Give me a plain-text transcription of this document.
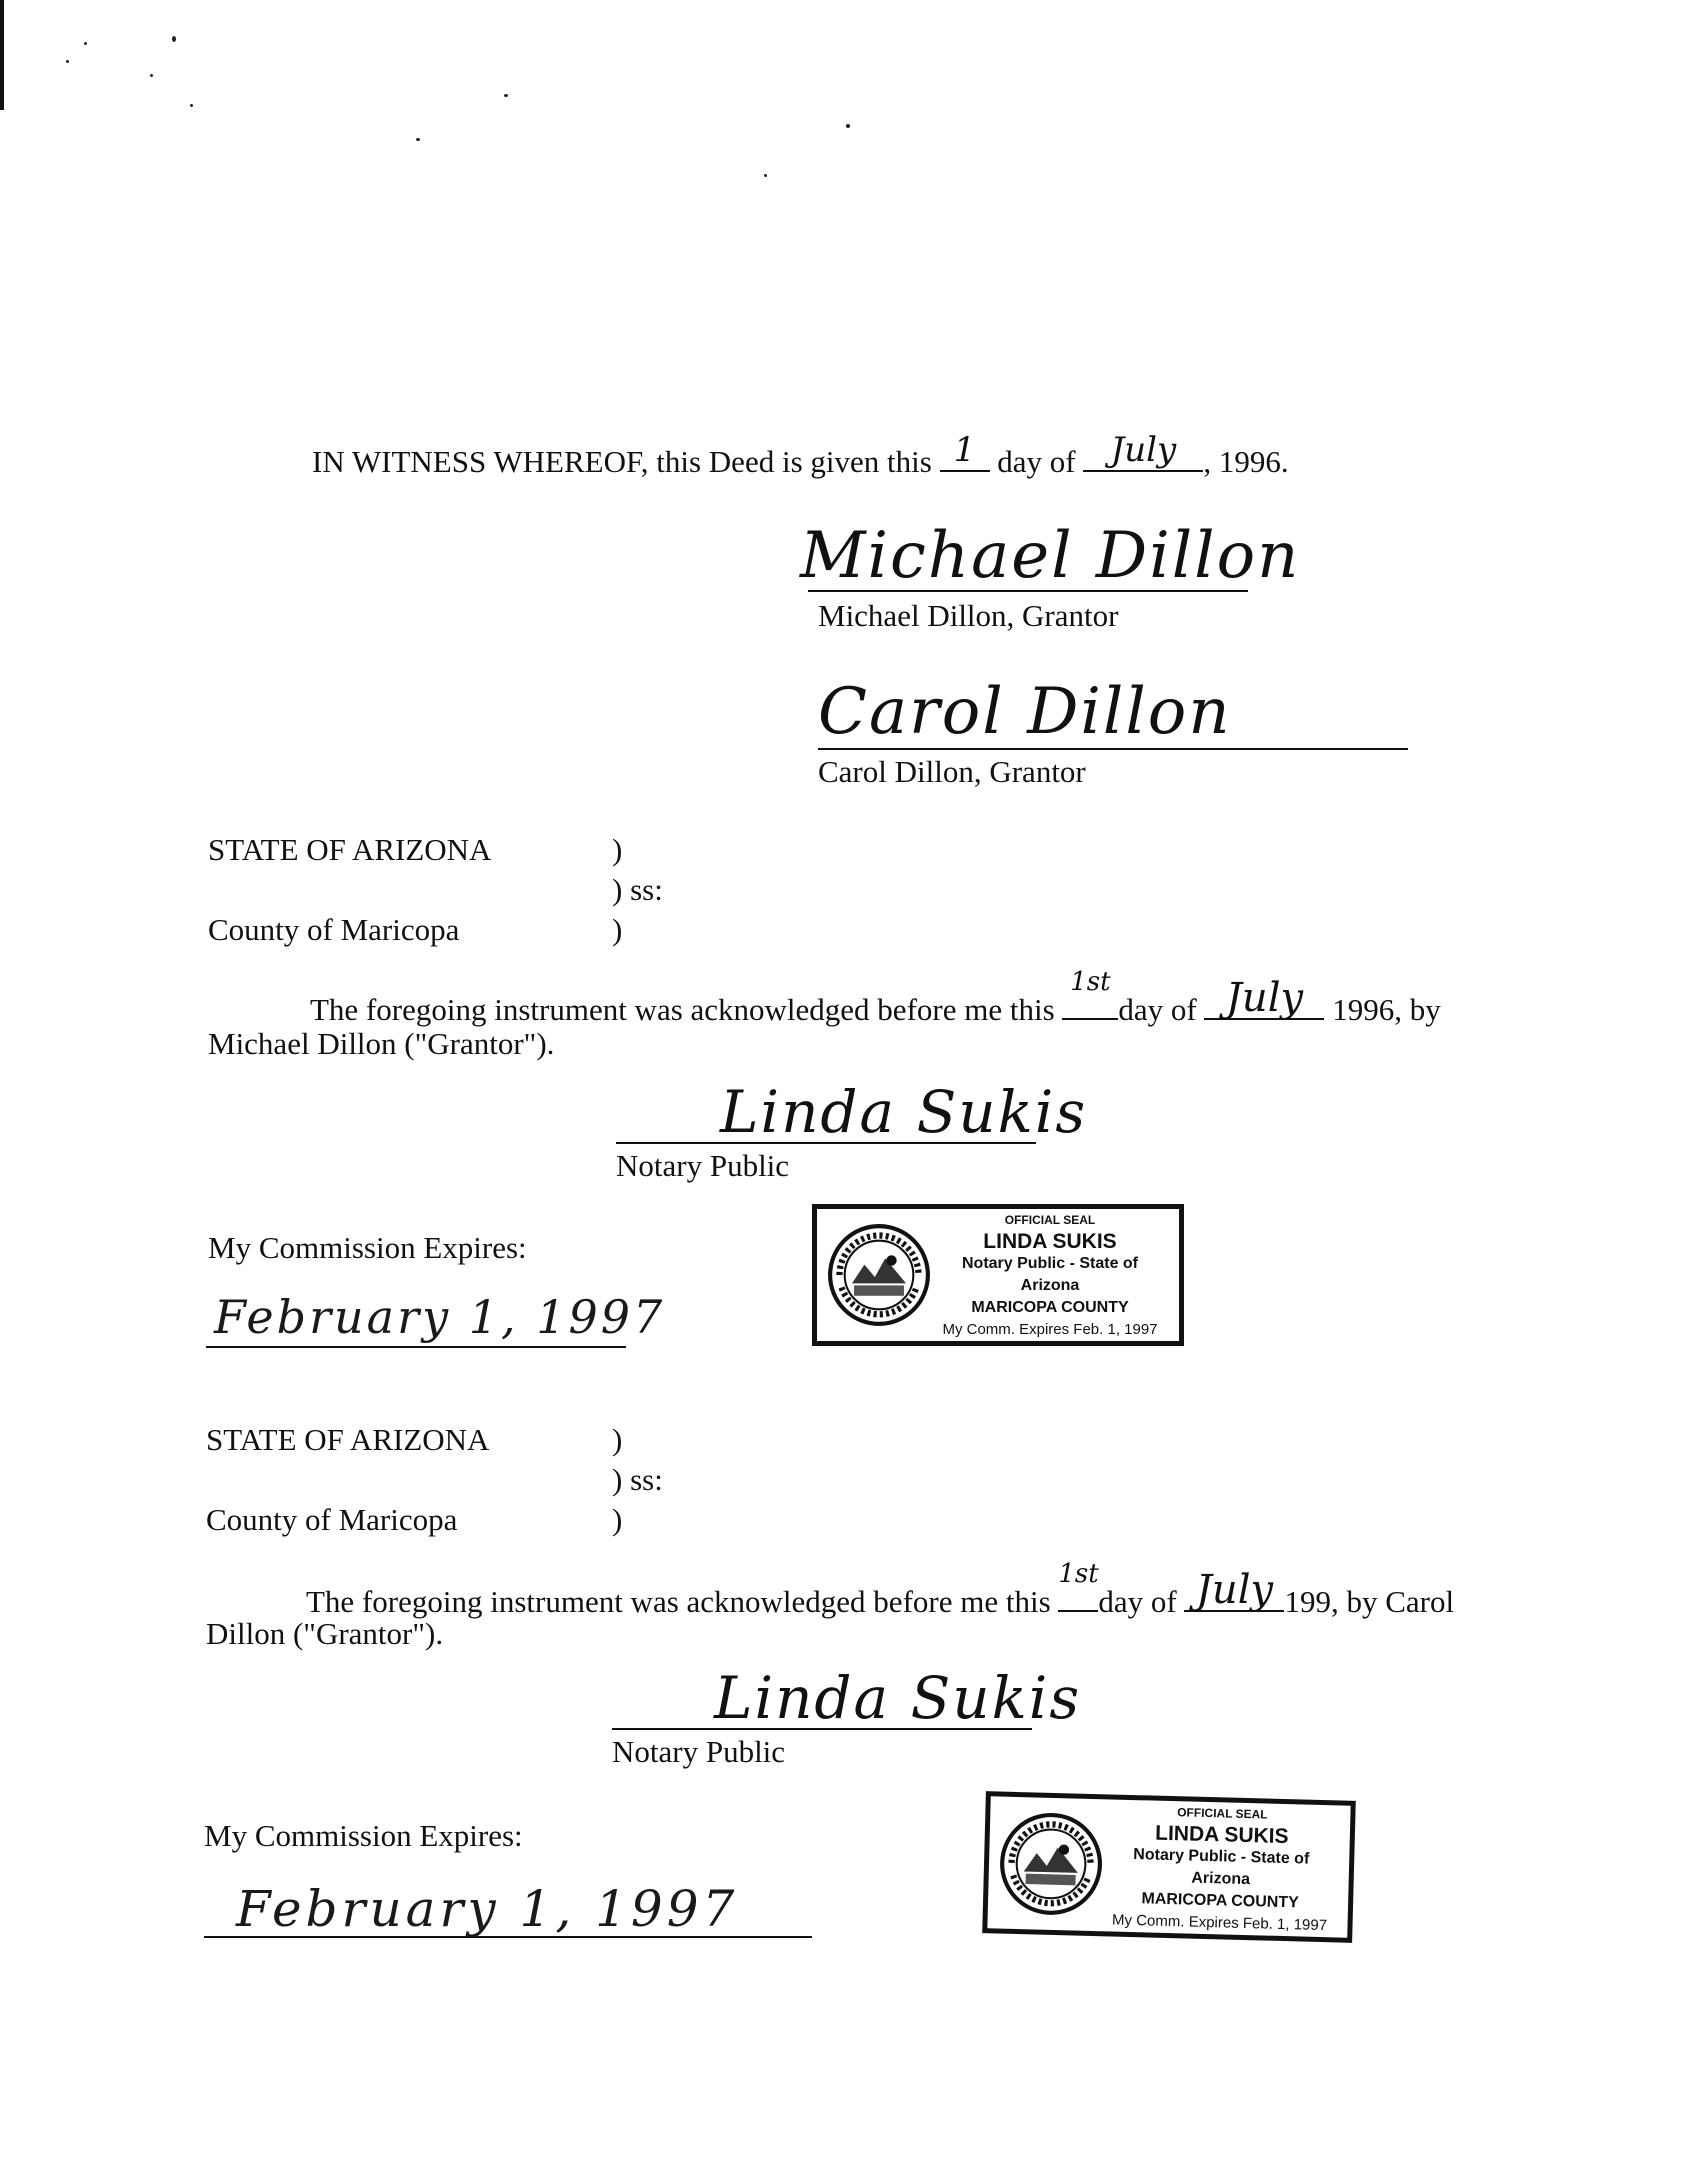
IN WITNESS WHEREOF, this Deed is given this 1 day of	July , 1996.
Michael Dillon
Michael Dillon, Grantor
Carol Dillon
Carol Dillon, Grantor
STATE OF ARIZONA	)
) ss:
County of Maricopa	)
The foregoing instrument was acknowledged before me this
1st
day of July 1996, by
Michael Dillon ("Grantor").
Linda Sukis
Notary Public
My Commission Expires:
February 1, 1997
OFFICIAL SEAL
LINDA SUKIS
Notary Public - State of Arizona
MARICOPA COUNTY
My Comm. Expires Feb. 1, 1997
STATE OF ARIZONA	)
) ss:
County of Maricopa	)
The foregoing instrument was acknowledged before me this
1st
day of July 199, by Carol
Dillon ("Grantor").
Linda Sukis
Notary Public
My Commission Expires:
February 1, 1997
OFFICIAL SEAL
LINDA SUKIS
Notary Public - State of Arizona
MARICOPA COUNTY
My Comm. Expires Feb. 1, 1997
